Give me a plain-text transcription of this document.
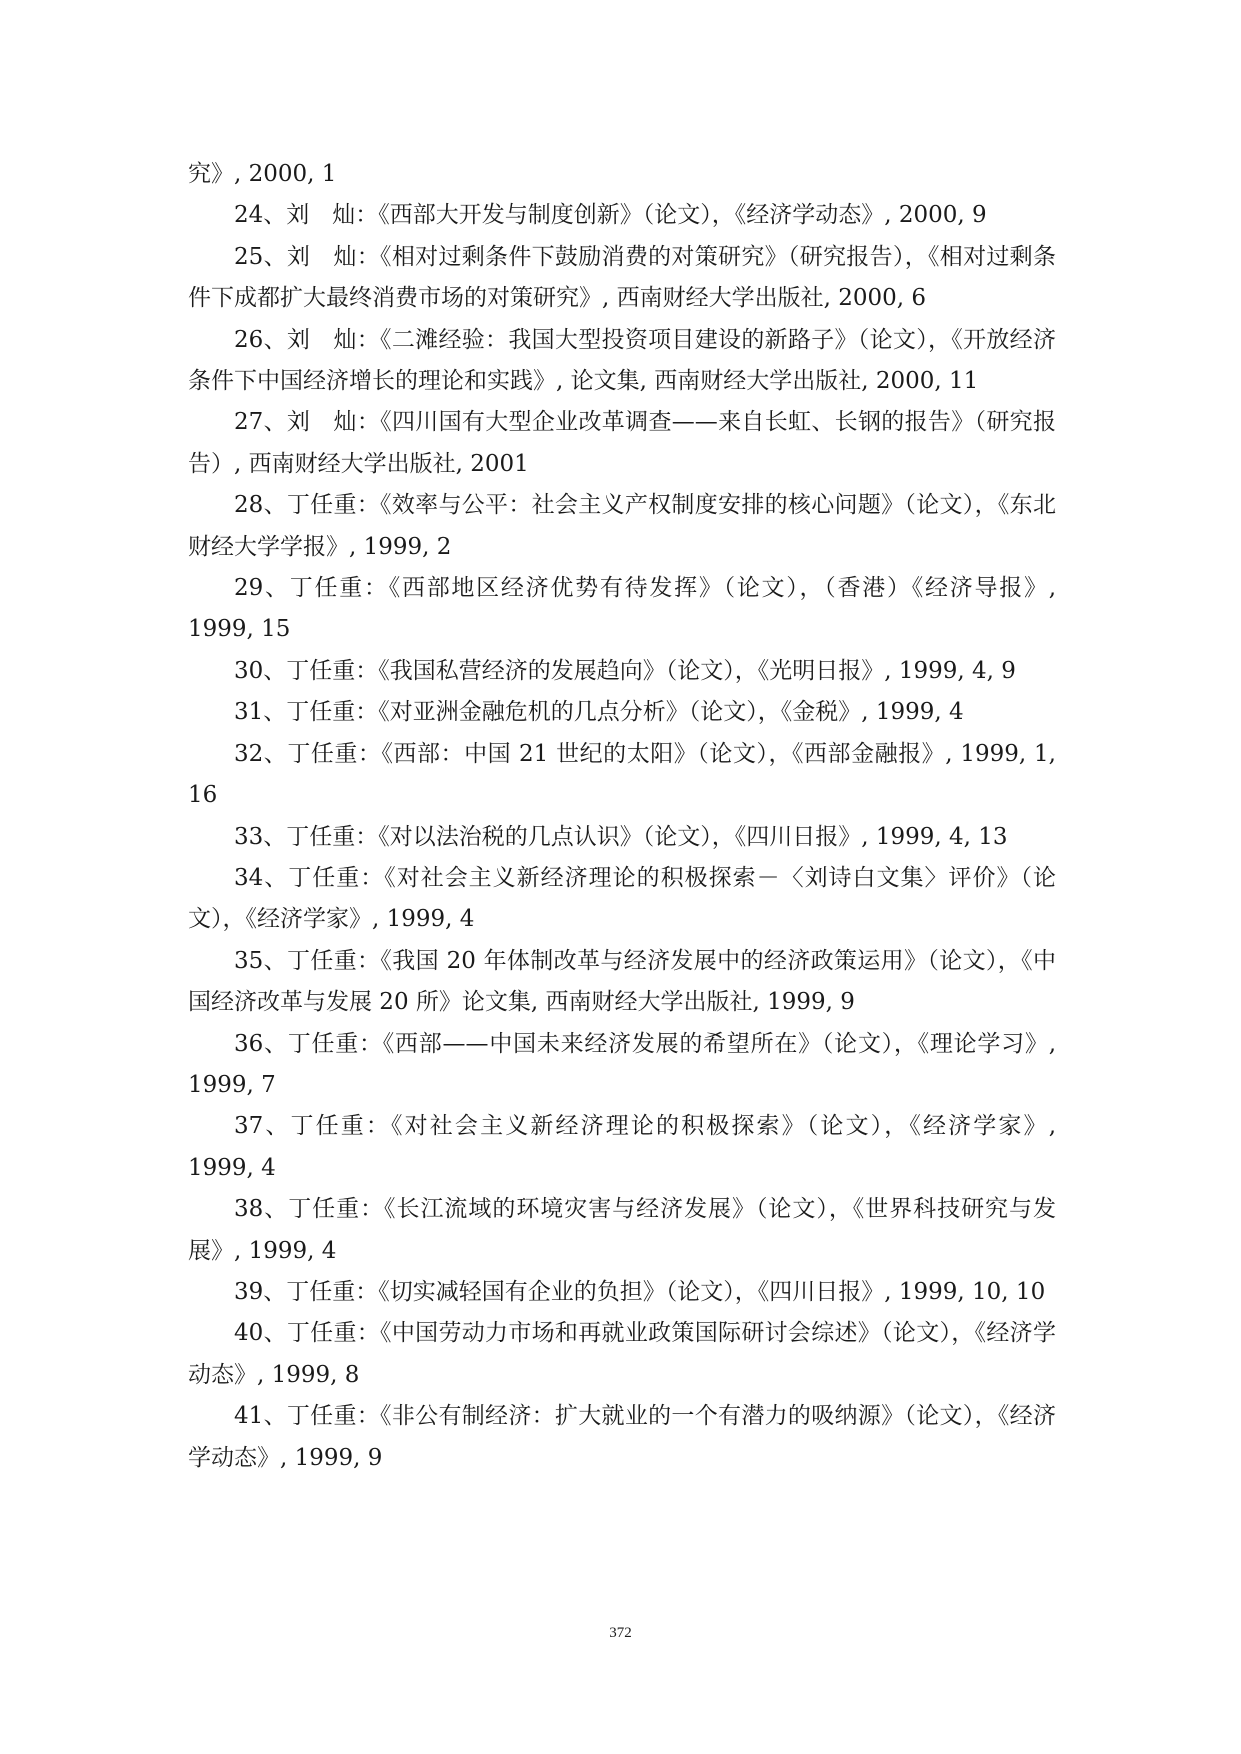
究》, 2000, 1

24、刘　灿：《西部大开发与制度创新》（论文），《经济学动态》, 2000, 9

25、刘　灿：《相对过剩条件下鼓励消费的对策研究》（研究报告），《相对过剩条件下成都扩大最终消费市场的对策研究》, 西南财经大学出版社, 2000, 6

26、刘　灿：《二滩经验：我国大型投资项目建设的新路子》（论文），《开放经济条件下中国经济增长的理论和实践》, 论文集, 西南财经大学出版社, 2000, 11

27、刘　灿：《四川国有大型企业改革调查——来自长虹、长钢的报告》（研究报告）, 西南财经大学出版社, 2001

28、丁任重：《效率与公平：社会主义产权制度安排的核心问题》（论文），《东北财经大学学报》, 1999, 2

29、丁任重：《西部地区经济优势有待发挥》（论文），（香港）《经济导报》, 1999, 15

30、丁任重：《我国私营经济的发展趋向》（论文），《光明日报》, 1999, 4, 9

31、丁任重：《对亚洲金融危机的几点分析》（论文），《金税》, 1999, 4

32、丁任重：《西部：中国 21 世纪的太阳》（论文），《西部金融报》, 1999, 1, 16

33、丁任重：《对以法治税的几点认识》（论文），《四川日报》, 1999, 4, 13

34、丁任重：《对社会主义新经济理论的积极探索－〈刘诗白文集〉评价》（论文），《经济学家》, 1999, 4

35、丁任重：《我国 20 年体制改革与经济发展中的经济政策运用》（论文），《中国经济改革与发展 20 所》论文集, 西南财经大学出版社, 1999, 9

36、丁任重：《西部——中国未来经济发展的希望所在》（论文），《理论学习》, 1999, 7

37、丁任重：《对社会主义新经济理论的积极探索》（论文），《经济学家》, 1999, 4

38、丁任重：《长江流域的环境灾害与经济发展》（论文），《世界科技研究与发展》, 1999, 4

39、丁任重：《切实减轻国有企业的负担》（论文），《四川日报》, 1999, 10, 10

40、丁任重：《中国劳动力市场和再就业政策国际研讨会综述》（论文），《经济学动态》, 1999, 8

41、丁任重：《非公有制经济：扩大就业的一个有潜力的吸纳源》（论文），《经济学动态》, 1999, 9

372
